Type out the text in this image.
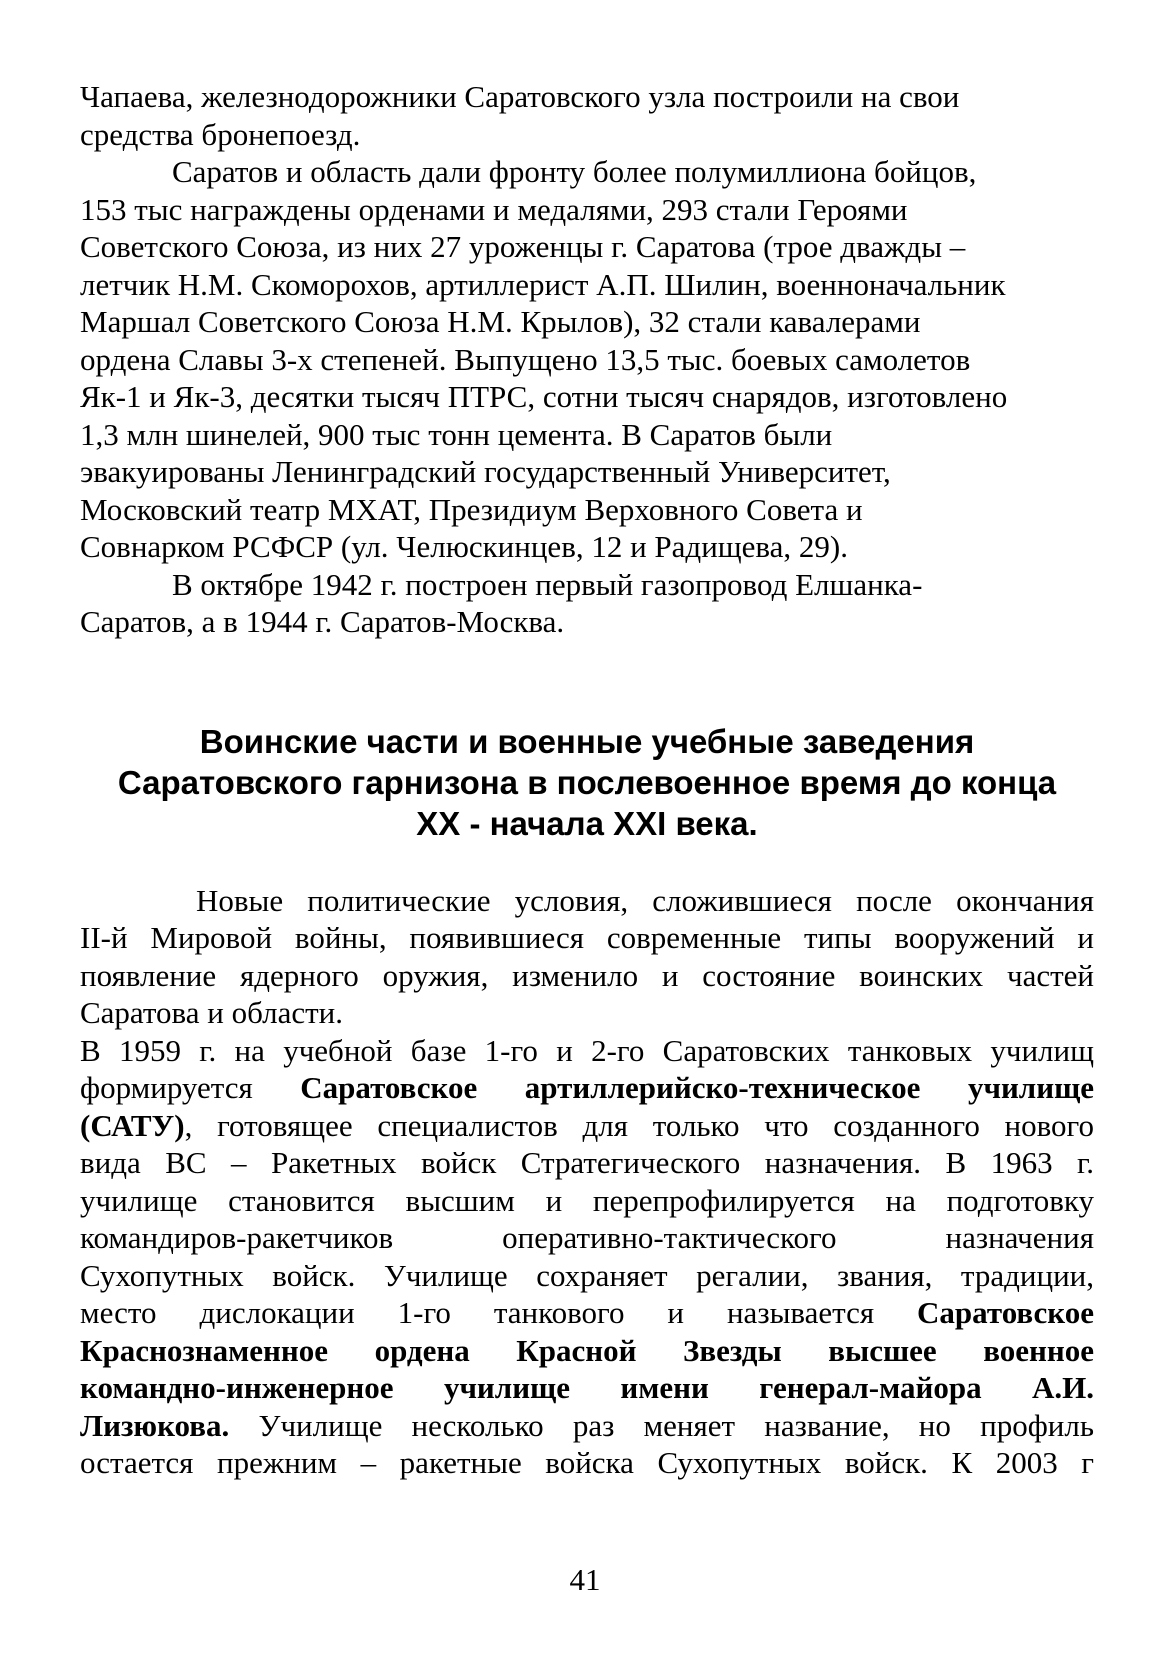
Чапаева, железнодорожники Саратовского узла построили на свои
средства бронепоезд.
Саратов и область дали фронту более полумиллиона бойцов,
153 тыс награждены орденами и медалями, 293 стали Героями
Советского Союза, из них 27 уроженцы г. Саратова (трое дважды –
летчик Н.М. Скоморохов, артиллерист А.П. Шилин, военноначальник
Маршал Советского Союза Н.М. Крылов), 32 стали кавалерами
ордена Славы 3-х степеней. Выпущено 13,5 тыс. боевых самолетов
Як-1 и Як-3, десятки тысяч ПТРС, сотни тысяч снарядов, изготовлено
1,3 млн шинелей, 900 тыс тонн цемента. В Саратов были
эвакуированы Ленинградский государственный Университет,
Московский театр МХАТ, Президиум Верховного Совета и
Совнарком РСФСР (ул. Челюскинцев, 12 и Радищева, 29).
В октябре 1942 г. построен первый газопровод Елшанка-
Саратов, а в 1944 г. Саратов-Москва.
Воинские части и военные учебные заведения
Саратовского гарнизона в послевоенное время до конца
XX - начала XXI века.
Новые политические условия, сложившиеся после окончания
II-й Мировой войны, появившиеся современные типы вооружений и
появление ядерного оружия, изменило и состояние воинских частей
Саратова и области.
В 1959 г. на учебной базе 1-го и 2-го Саратовских танковых училищ
формируется Саратовское артиллерийско-техническое училище
(САТУ), готовящее специалистов для только что созданного нового
вида ВС – Ракетных войск Стратегического назначения. В 1963 г.
училище становится высшим и перепрофилируется на подготовку
командиров-ракетчиков	оперативно-тактического	назначения
Сухопутных войск. Училище сохраняет регалии, звания, традиции,
место дислокации 1-го танкового и называется Саратовское
Краснознаменное ордена Красной Звезды высшее военное
командно-инженерное училище имени генерал-майора А.И.
Лизюкова. Училище несколько раз меняет название, но профиль
остается прежним – ракетные войска Сухопутных войск. К 2003 г
41
